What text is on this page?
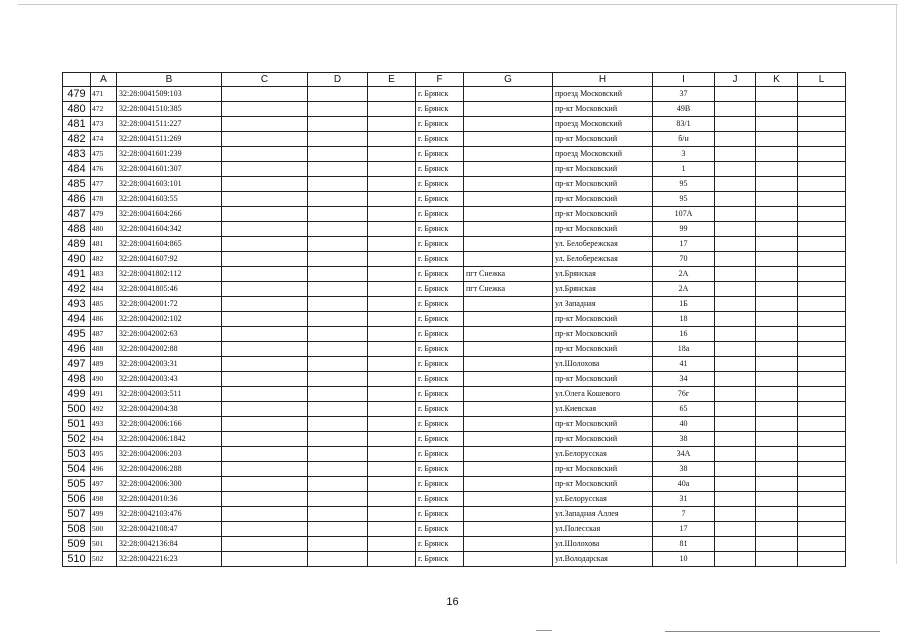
	A	B	C	D	E	F	G	H	I	J	K	L
479	471	32:28:0041509:103				г. Брянск		проезд Московский	37			
480	472	32:28:0041510:385				г. Брянск		пр-кт Московский	49В			
481	473	32:28:0041511:227				г. Брянск		проезд Московский	83/1			
482	474	32:28:0041511:269				г. Брянск		пр-кт Московский	б/н			
483	475	32:28:0041601:239				г. Брянск		проезд Московский	3			
484	476	32:28:0041601:307				г. Брянск		пр-кт Московский	1			
485	477	32:28:0041603:101				г. Брянск		пр-кт Московский	95			
486	478	32:28:0041603:55				г. Брянск		пр-кт Московский	95			
487	479	32:28:0041604:266				г. Брянск		пр-кт Московский	107А			
488	480	32:28:0041604:342				г. Брянск		пр-кт Московский	99			
489	481	32:28:0041604:865				г. Брянск		ул. Белобережская	17			
490	482	32:28:0041607:92				г. Брянск		ул. Белобережская	70			
491	483	32:28:0041802:112				г. Брянск	пгт Снежка	ул.Брянская	2А			
492	484	32:28:0041805:46				г. Брянск	пгт Снежка	ул.Брянская	2А			
493	485	32:28:0042001:72				г. Брянск		ул Западная	1Б			
494	486	32:28:0042002:102				г. Брянск		пр-кт Московский	18			
495	487	32:28:0042002:63				г. Брянск		пр-кт Московский	16			
496	488	32:28:0042002:88				г. Брянск		пр-кт Московский	18а			
497	489	32:28:0042003:31				г. Брянск		ул.Шолохова	41			
498	490	32:28:0042003:43				г. Брянск		пр-кт Московский	34			
499	491	32:28:0042003:511				г. Брянск		ул.Олега Кошевого	76г			
500	492	32:28:0042004:38				г. Брянск		ул.Киевская	65			
501	493	32:28:0042006:166				г. Брянск		пр-кт Московский	40			
502	494	32:28:0042006:1842				г. Брянск		пр-кт Московский	38			
503	495	32:28:0042006:203				г. Брянск		ул.Белорусская	34А			
504	496	32:28:0042006:288				г. Брянск		пр-кт Московский	38			
505	497	32:28:0042006:300				г. Брянск		пр-кт Московский	40а			
506	498	32:28:0042010:36				г. Брянск		ул.Белорусская	31			
507	499	32:28:0042103:476				г. Брянск		ул.Западная Аллея	7			
508	500	32:28:0042108:47				г. Брянск		ул.Полесская	17			
509	501	32:28:0042136:84				г. Брянск		ул.Шолохова	81			
510	502	32:28:0042216:23				г. Брянск		ул.Володарская	10			
16
